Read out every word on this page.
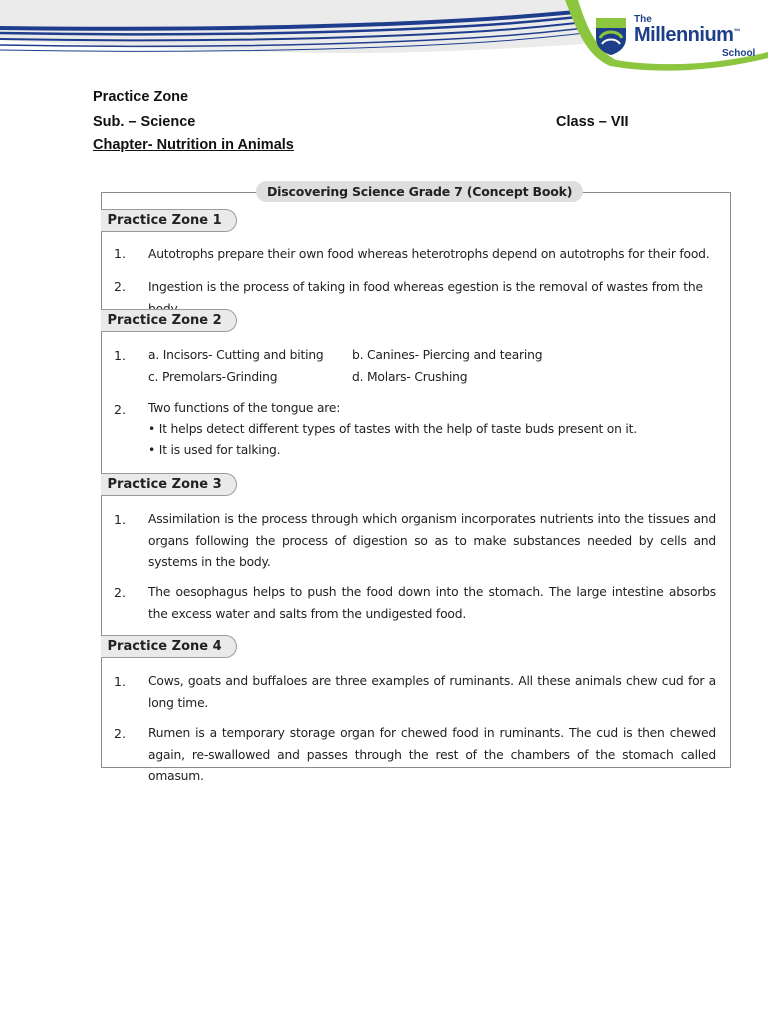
The
Millennium™
School
Practice Zone
Sub. – Science	Class – VII
Chapter- Nutrition in Animals
Discovering Science Grade 7 (Concept Book)
Practice Zone 1
1. Autotrophs prepare their own food whereas heterotrophs depend on autotrophs for their food.
2. Ingestion is the process of taking in food whereas egestion is the removal of wastes from the
Practice Zone 2
1. a. Incisors- Cutting and biting b. Canines- Piercing and tearing
c. Premolars-Grinding	d. Molars- Crushing
2. Two functions of the tongue are:
• It helps detect different types of tastes with the help of taste buds present on it.
• It is used for talking.
Practice Zone 3
1. Assimilation is the process through which organism incorporates nutrients into the tissues and organs following the process of digestion so as to make substances needed by cells and systems in the body.
2. The oesophagus helps to push the food down into the stomach. The large intestine absorbs the excess water and salts from the undigested food.
Practice Zone 4
1. Cows, goats and buffaloes are three examples of ruminants. All these animals chew cud for a long time.
2. Rumen is a temporary storage organ for chewed food in ruminants. The cud is then chewed again, re-swallowed and passes through the rest of the chambers of the stomach called omasum.
